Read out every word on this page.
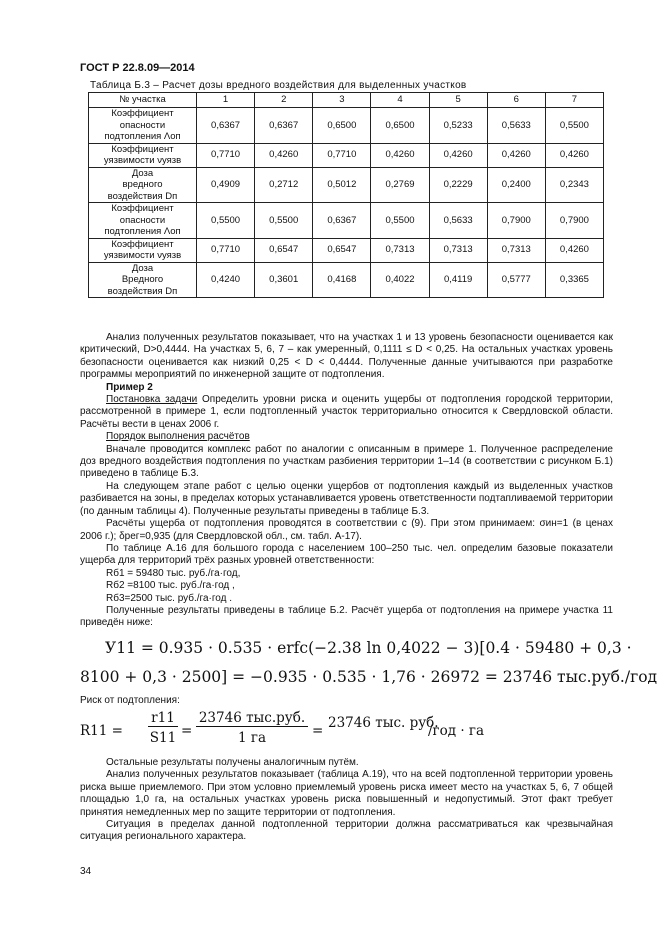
ГОСТ Р 22.8.09—2014
Таблица Б.3 – Расчет дозы вредного воздействия для выделенных участков
№ участка	1	2	3	4	5	6	7

Коэффициент
опасности
подтопления Λоп	0,6367	0,6367	0,6500	0,6500	0,5233	0,5633	0,5500

Коэффициент
уязвимости νуязв	0,7710	0,4260	0,7710	0,4260	0,4260	0,4260	0,4260

Доза
вредного
воздействия Dп	0,4909	0,2712	0,5012	0,2769	0,2229	0,2400	0,2343

Коэффициент
опасности
подтопления Λоп	0,5500	0,5500	0,6367	0,5500	0,5633	0,7900	0,7900

Коэффициент
уязвимости νуязв	0,7710	0,6547	0,6547	0,7313	0,7313	0,7313	0,4260

Доза
Вредного
воздействия Dп	0,4240	0,3601	0,4168	0,4022	0,4119	0,5777	0,3365

Анализ полученных результатов показывает, что на участках 1 и 13 уровень безопасности оценивается как критический, D>0,4444. На участках 5, 6, 7 – как умеренный, 0,1111 ≤ D < 0,25. На остальных участках уровень безопасности оценивается как низкий 0,25 < D < 0,4444. Полученные данные учитываются при разработке программы мероприятий по инженерной защите от подтопления.

Пример 2

Постановка задачи Определить уровни риска и оценить ущербы от подтопления городской территории, рассмотренной в примере 1, если подтопленный участок территориально относится к Свердловской области. Расчёты вести в ценах 2006 г.

Порядок выполнения расчётов

Вначале проводится комплекс работ по аналогии с описанным в примере 1. Полученное распределение доз вредного воздействия подтопления по участкам разбиения территории 1–14 (в соответствии с рисунком Б.1) приведено в таблице Б.3.

На следующем этапе работ с целью оценки ущербов от подтопления каждый из выделенных участков разбивается на зоны, в пределах которых устанавливается уровень ответственности подтапливаемой территории (по данным таблицы 4). Полученные результаты приведены в таблице Б.3.

Расчёты ущерба от подтопления проводятся в соответствии с (9). При этом принимаем: σин=1 (в ценах 2006 г.); δрег=0,935 (для Свердловской обл., см. табл. А-17).

По таблице А.16 для большого города с населением 100–250 тыс. чел. определим базовые показатели ущерба для территорий трёх разных уровней ответственности:

Rб1 = 59480 тыс. руб./га·год,

Rб2 =8100 тыс. руб./га·год ,

Rб3=2500 тыс. руб./га·год .

Полученные результаты приведены в таблице Б.2. Расчёт ущерба от подтопления на примере участка 11 приведён ниже:

У11 = 0.935 · 0.535 · erfc(−2.38 ln 0,4022 − 3)[0.4 · 59480 + 0,3 ·
8100 + 0,3 · 2500] = −0.935 · 0.535 · 1,76 · 26972 = 23746 тыс.руб./год
Риск от подтопления:
R11 =
r11
S11 =
23746 тыс.руб.
1 га	= 23746 тыс. руб.
/год · га

Остальные результаты получены аналогичным путём.

Анализ полученных результатов показывает (таблица А.19), что на всей подтопленной территории уровень риска выше приемлемого. При этом условно приемлемый уровень риска имеет место на участках 5, 6, 7 общей площадью 1,0 га, на остальных участках уровень риска повышенный и недопустимый. Этот факт требует принятия немедленных мер по защите территории от подтопления.

Ситуация в пределах данной подтопленной территории должна рассматриваться как чрезвычайная ситуация регионального характера.

34
